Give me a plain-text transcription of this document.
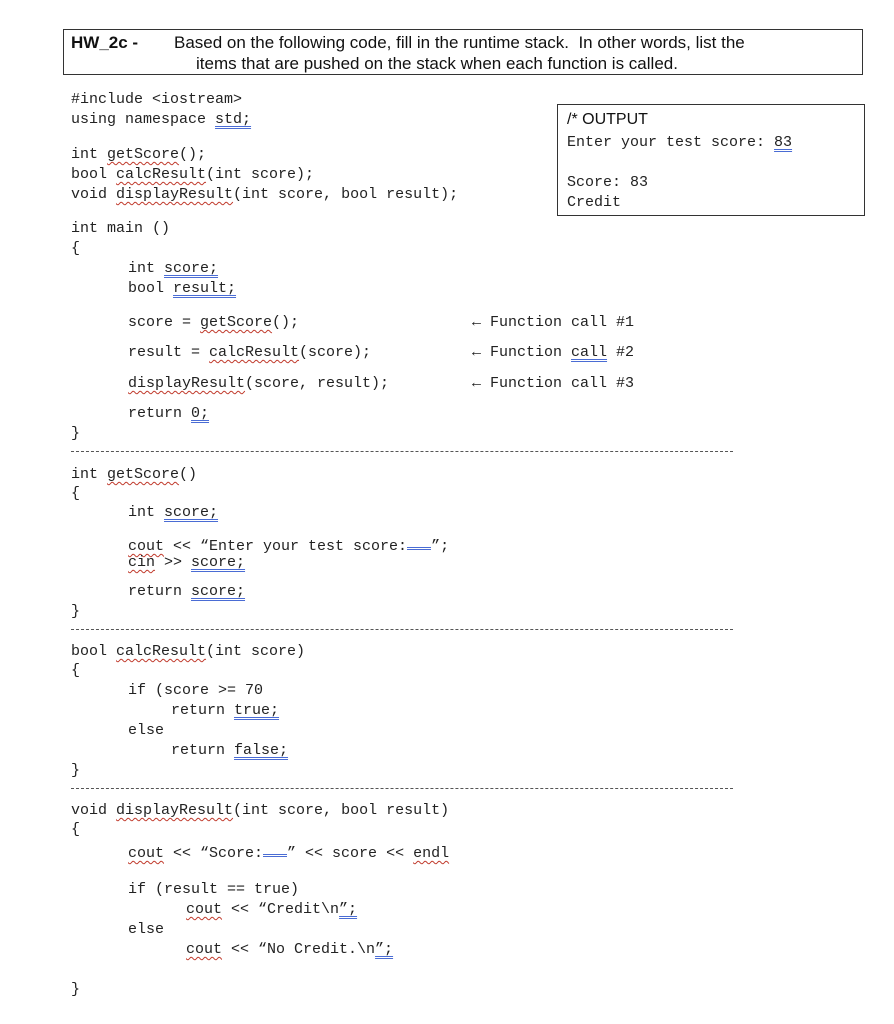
HW_2c - Based on the following code, fill in the runtime stack.  In other words, list the
items that are pushed on the stack when each function is called.
/* OUTPUT
Enter your test score: 83
Score: 83
Credit
#include <iostream>
using namespace std;
int getScore();
bool calcResult(int score);
void displayResult(int score, bool result);
int main ()
{
int score;
bool result;
score = getScore();	← Function call #1
result = calcResult(score);	← Function call #2
displayResult(score, result);	← Function call #3
return 0;
}
int getScore()
{
int score;
cout << “Enter your test score: ”;
cin >> score;
return score;
}
bool calcResult(int score)
{
if (score >= 70
return true;
else
return false;
}
void displayResult(int score, bool result)
{
cout << “Score: ” << score << endl
if (result == true)
cout << “Credit\n”;
else
cout << “No Credit.\n”;
}
